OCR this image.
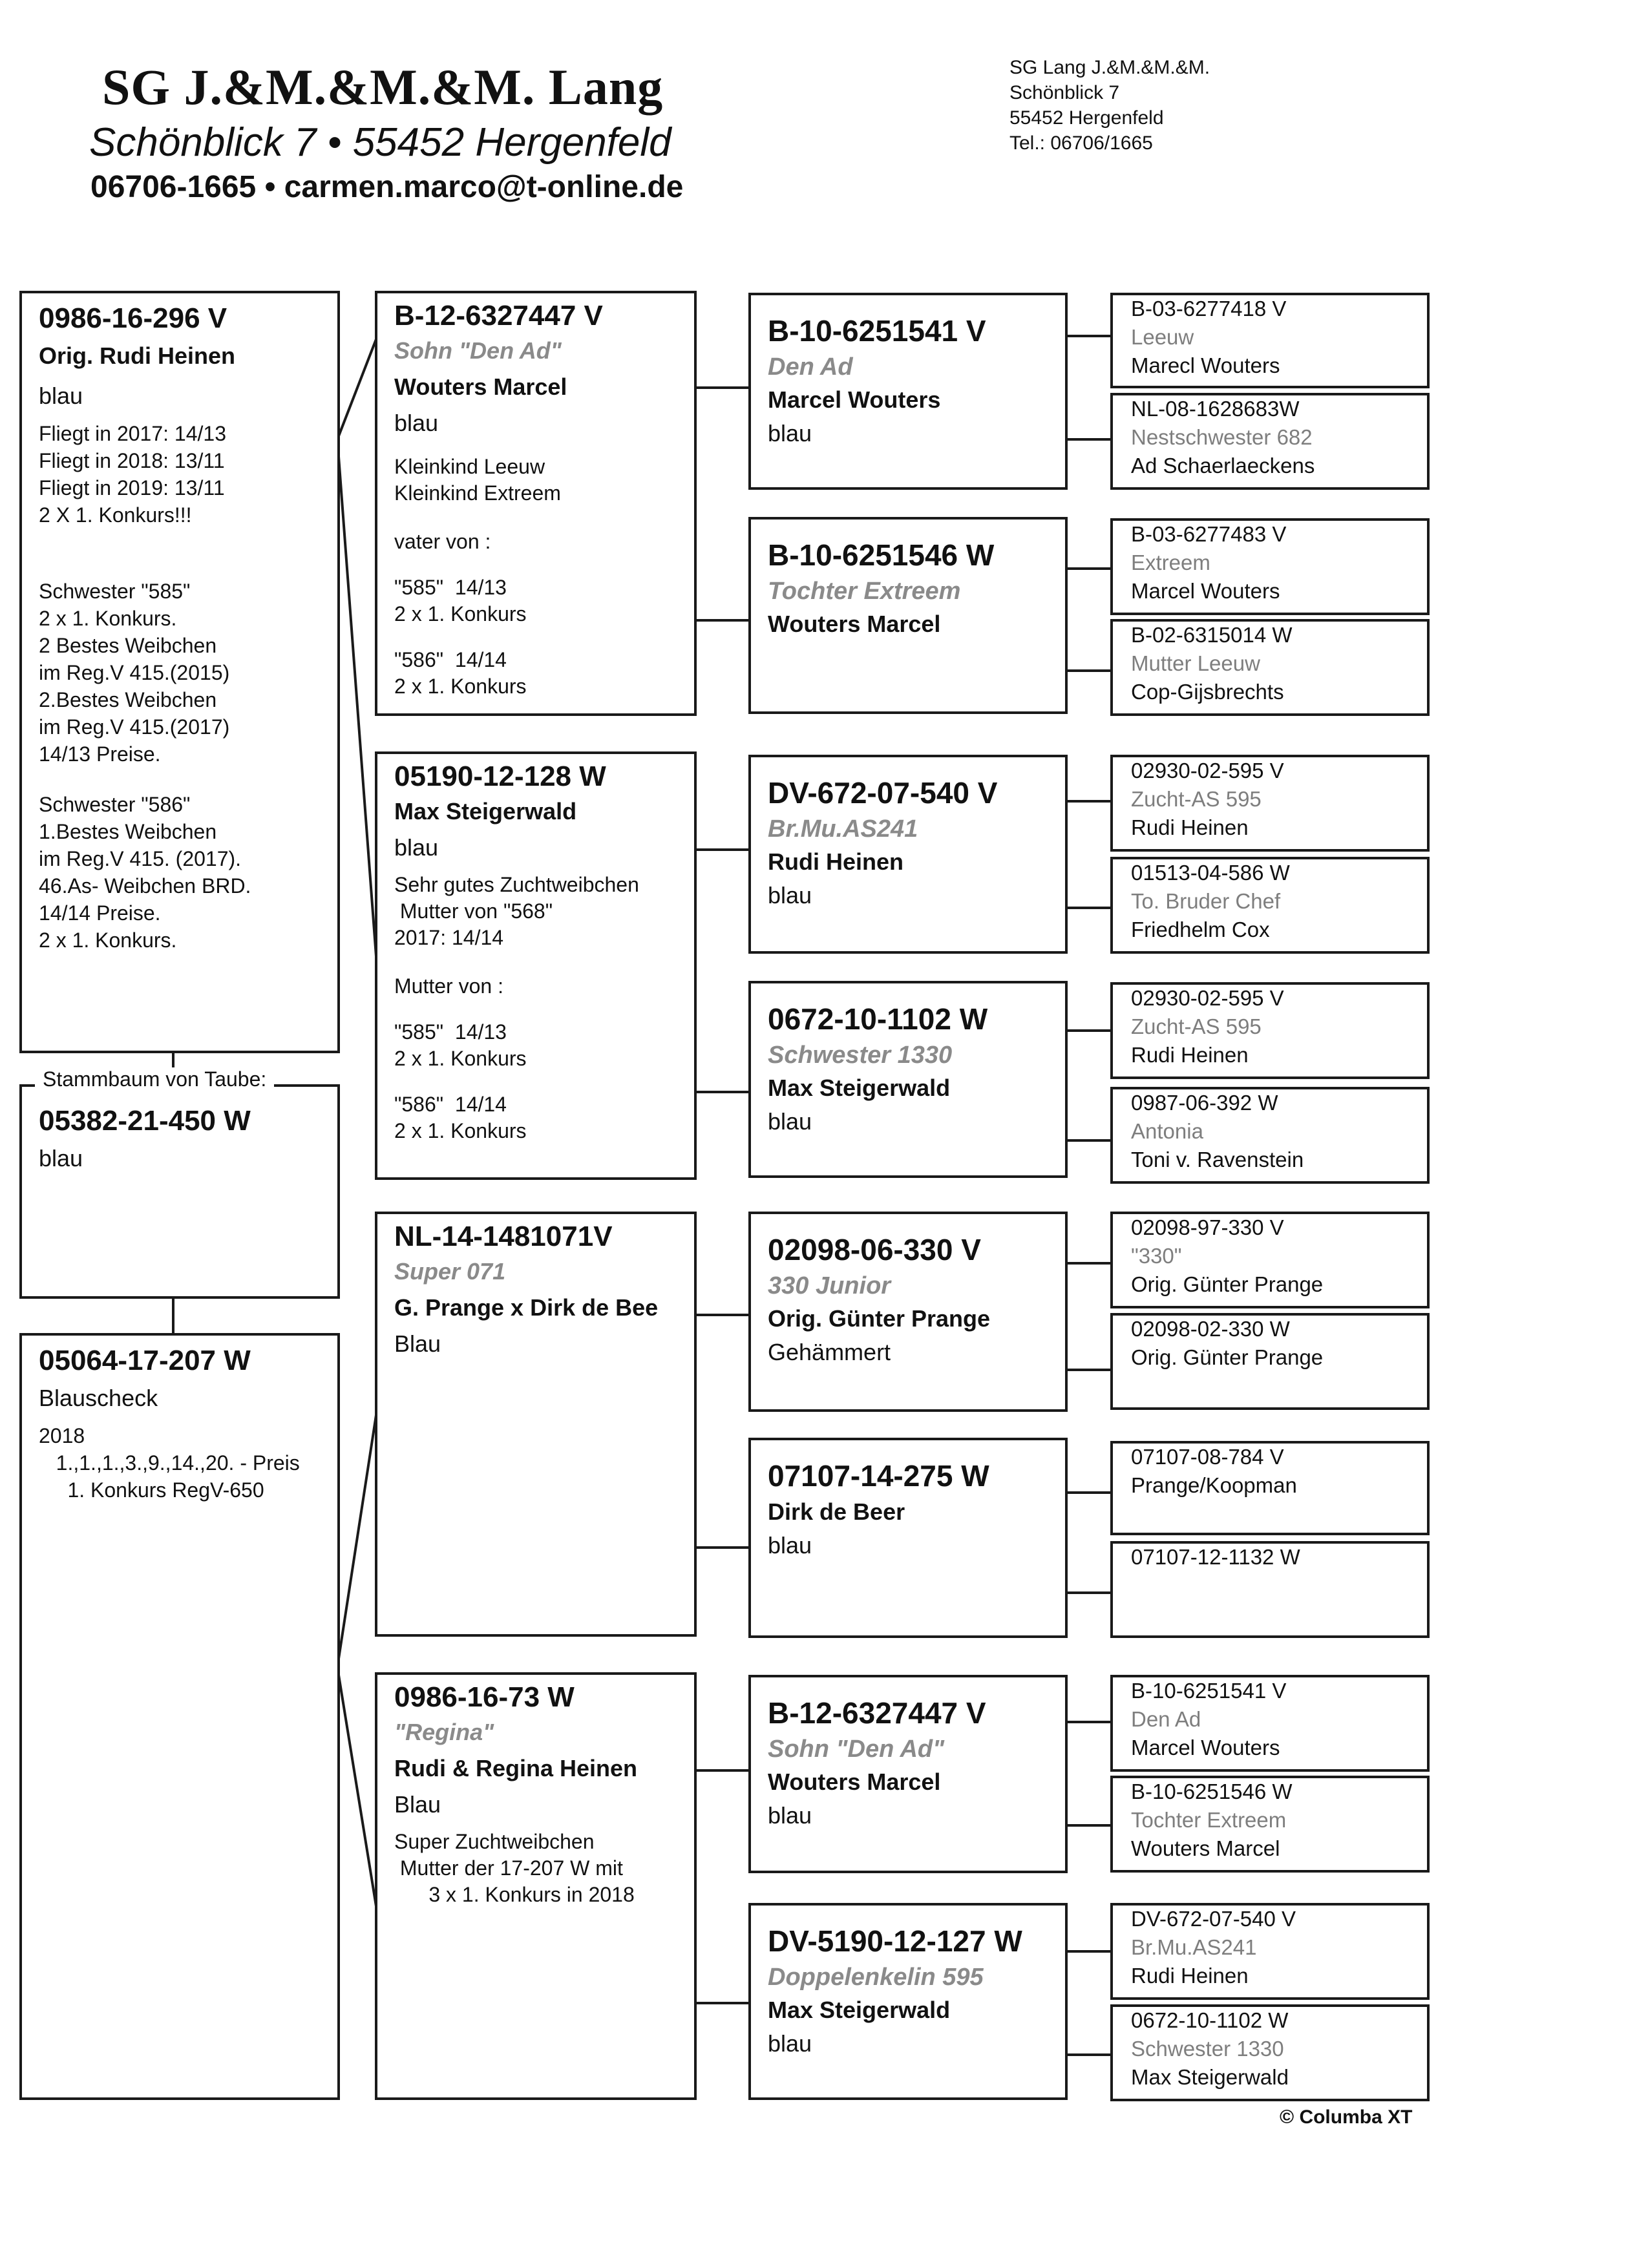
SG J.&M.&M.&M. Lang
Schönblick 7 • 55452 Hergenfeld
06706-1665 • carmen.marco@t-online.de
SG Lang J.&M.&M.&M.
Schönblick 7
55452 Hergenfeld
Tel.: 06706/1665
0986-16-296 V
Orig. Rudi Heinen
blau
Fliegt in 2017: 14/13
Fliegt in 2018: 13/11
Fliegt in 2019: 13/11
2 X 1. Konkurs!!!
Schwester "585"
2 x 1. Konkurs.
2 Bestes Weibchen
im Reg.V 415.(2015)
2.Bestes Weibchen
im Reg.V 415.(2017)
14/13 Preise.
Schwester "586"
1.Bestes Weibchen
im Reg.V 415. (2017).
46.As- Weibchen BRD.
14/14 Preise.
2 x 1. Konkurs.
05382-21-450 W
blau
Stammbaum von Taube:
05064-17-207 W
Blauscheck
2018
1.,1.,1.,3.,9.,14.,20. - Preis
1. Konkurs RegV-650
B-12-6327447 V
Sohn "Den Ad"
Wouters Marcel
blau
Kleinkind Leeuw
Kleinkind Extreem
vater von :
"585"  14/13
2 x 1. Konkurs
"586"  14/14
2 x 1. Konkurs
05190-12-128 W
Max Steigerwald
blau
Sehr gutes Zuchtweibchen
Mutter von "568"
2017: 14/14
Mutter von :
"585"  14/13
2 x 1. Konkurs
"586"  14/14
2 x 1. Konkurs
NL-14-1481071V
Super 071
G. Prange x Dirk de Bee
Blau
0986-16-73 W
"Regina"
Rudi & Regina Heinen
Blau
Super Zuchtweibchen
Mutter der 17-207 W mit
3 x 1. Konkurs in 2018
B-10-6251541 V
Den Ad
Marcel Wouters
blau
B-10-6251546 W
Tochter Extreem
Wouters Marcel
DV-672-07-540 V
Br.Mu.AS241
Rudi Heinen
blau
0672-10-1102 W
Schwester 1330
Max Steigerwald
blau
02098-06-330 V
330 Junior
Orig. Günter Prange
Gehämmert
07107-14-275 W
Dirk de Beer
blau
B-12-6327447 V
Sohn "Den Ad"
Wouters Marcel
blau
DV-5190-12-127 W
Doppelenkelin 595
Max Steigerwald
blau
B-03-6277418 V
Leeuw
Marecl Wouters
NL-08-1628683W
Nestschwester 682
Ad Schaerlaeckens
B-03-6277483 V
Extreem
Marcel Wouters
B-02-6315014 W
Mutter Leeuw
Cop-Gijsbrechts
02930-02-595 V
Zucht-AS 595
Rudi Heinen
01513-04-586 W
To. Bruder Chef
Friedhelm Cox
02930-02-595 V
Zucht-AS 595
Rudi Heinen
0987-06-392 W
Antonia
Toni v. Ravenstein
02098-97-330 V
"330"
Orig. Günter Prange
02098-02-330 W
Orig. Günter Prange
07107-08-784 V
Prange/Koopman
07107-12-1132 W
B-10-6251541 V
Den Ad
Marcel Wouters
B-10-6251546 W
Tochter Extreem
Wouters Marcel
DV-672-07-540 V
Br.Mu.AS241
Rudi Heinen
0672-10-1102 W
Schwester 1330
Max Steigerwald
© Columba XT
